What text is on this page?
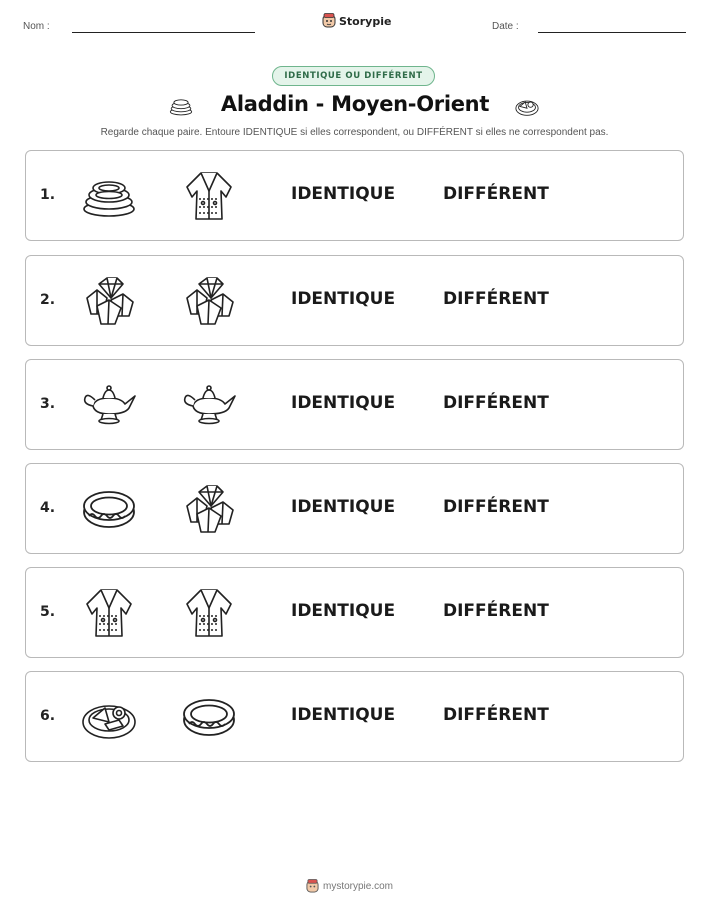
Nom :	Storypie	Date :
IDENTIQUE OU DIFFÉRENT
Aladdin - Moyen-Orient
Regarde chaque paire. Entoure IDENTIQUE si elles correspondent, ou DIFFÉRENT si elles ne correspondent pas.
1.	IDENTIQUE	DIFFÉRENT
2.	IDENTIQUE	DIFFÉRENT
3.	IDENTIQUE	DIFFÉRENT
4.	IDENTIQUE	DIFFÉRENT
5.	IDENTIQUE	DIFFÉRENT
6.	IDENTIQUE	DIFFÉRENT
mystorypie.com
